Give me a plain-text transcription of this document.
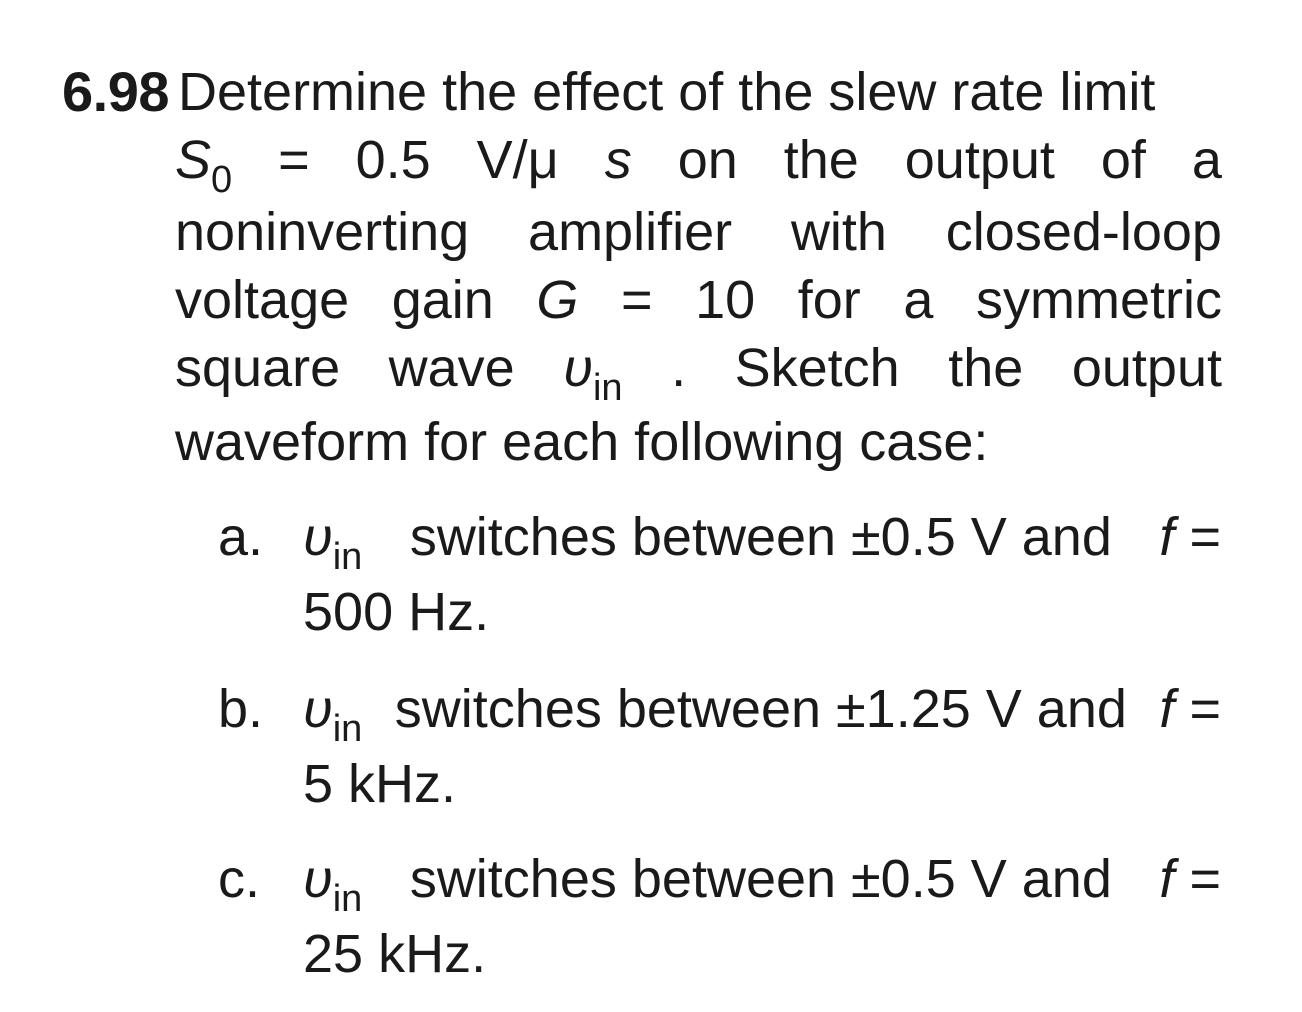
6.98 Determine the effect of the slew rate limit
$S_0 = 0.5$ V/μ s on the output of a
noninverting amplifier with closed-loop
voltage gain G = 10 for a symmetric
square wave $\upsilon_{in}$ . Sketch the output
waveform for each following case:
a. $\upsilon_{in}$ switches between ±0.5 V and f =
500 Hz.
b. $\upsilon_{in}$ switches between ±1.25 V and f =
5 kHz.
c. $\upsilon_{in}$ switches between ±0.5 V and f =
25 kHz.
